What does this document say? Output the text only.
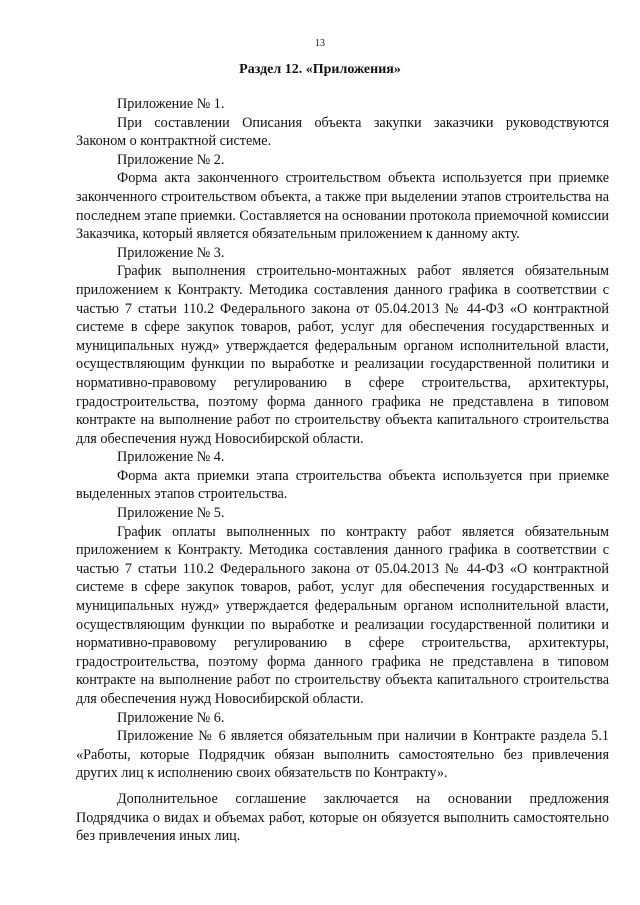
13
Раздел 12. «Приложения»

Приложение № 1.

При составлении Описания объекта закупки заказчики руководствуются Законом о контрактной системе.

Приложение № 2.

Форма акта законченного строительством объекта используется при приемке законченного строительством объекта, а также при выделении этапов строительства на последнем этапе приемки. Составляется на основании протокола приемочной комиссии Заказчика, который является обязательным приложением к данному акту.

Приложение № 3.

График выполнения строительно-монтажных работ является обязательным приложением к Контракту. Методика составления данного графика в соответствии с частью 7 статьи 110.2 Федерального закона от 05.04.2013 № 44-ФЗ «О контрактной системе в сфере закупок товаров, работ, услуг для обеспечения государственных и муниципальных нужд» утверждается федеральным органом исполнительной власти, осуществляющим функции по выработке и реализации государственной политики и нормативно-правовому регулированию в сфере строительства, архитектуры, градостроительства, поэтому форма данного графика не представлена в типовом контракте на выполнение работ по строительству объекта капитального строительства для обеспечения нужд Новосибирской области.

Приложение № 4.

Форма акта приемки этапа строительства объекта используется при приемке выделенных этапов строительства.

Приложение № 5.

График оплаты выполненных по контракту работ является обязательным приложением к Контракту. Методика составления данного графика в соответствии с частью 7 статьи 110.2 Федерального закона от 05.04.2013 № 44-ФЗ «О контрактной системе в сфере закупок товаров, работ, услуг для обеспечения государственных и муниципальных нужд» утверждается федеральным органом исполнительной власти, осуществляющим функции по выработке и реализации государственной политики и нормативно-правовому регулированию в сфере строительства, архитектуры, градостроительства, поэтому форма данного графика не представлена в типовом контракте на выполнение работ по строительству объекта капитального строительства для обеспечения нужд Новосибирской области.

Приложение № 6.

Приложение № 6 является обязательным при наличии в Контракте раздела 5.1 «Работы, которые Подрядчик обязан выполнить самостоятельно без привлечения других лиц к исполнению своих обязательств по Контракту».

Дополнительное соглашение заключается на основании предложения Подрядчика о видах и объемах работ, которые он обязуется выполнить самостоятельно без привлечения иных лиц.
